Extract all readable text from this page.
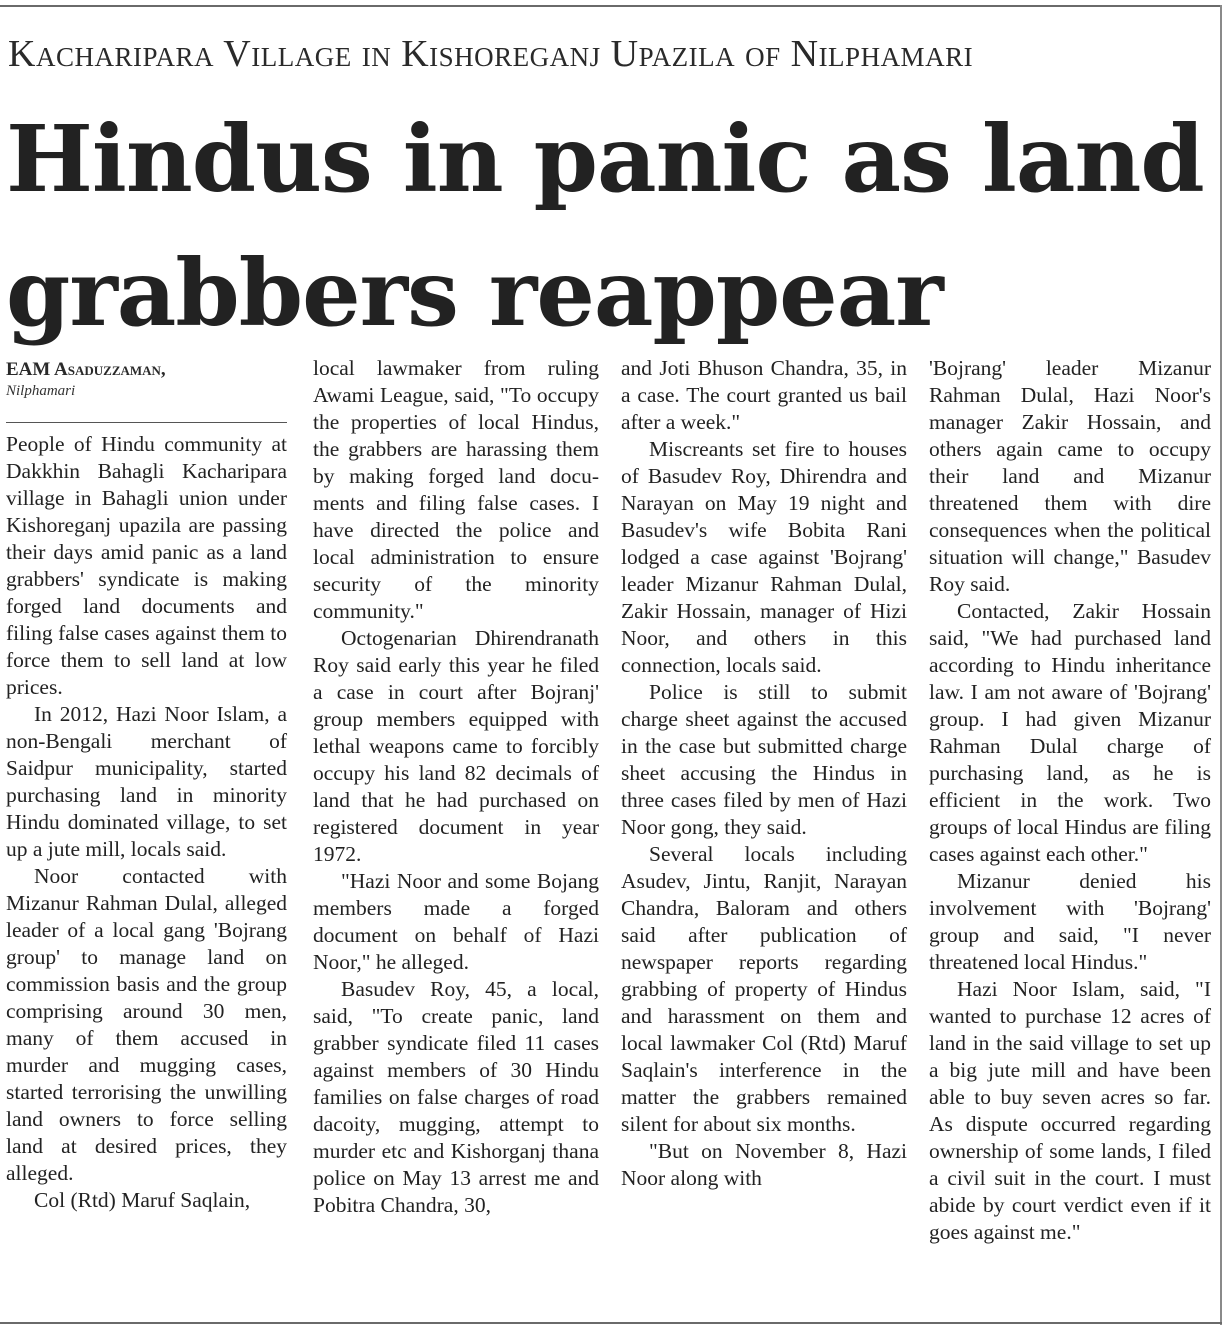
Kacharipara Village in Kishoreganj Upazila of Nilphamari
Hindus in panic as land grabbers reappear
EAM Asaduzzaman,
Nilphamari

People of Hindu community at Dakkhin Bahagli Kacharipara village in Bahagli union under Kishoreganj upazila are passing their days amid panic as a land grabbers' syndicate is making forged land documents and filing false cases against them to force them to sell land at low prices.

In 2012, Hazi Noor Islam, a non-Bengali merchant of Saidpur municipality, started purchasing land in minority Hindu dominated village, to set up a jute mill, locals said.

Noor contacted with Mizanur Rahman Dulal, alleged leader of a local gang 'Bojrang group' to manage land on commission basis and the group comprising around 30 men, many of them accused in murder and mugging cases, started terrorising the unwilling land owners to force selling land at desired prices, they alleged.

Col (Rtd) Maruf Saqlain,

local lawmaker from ruling Awami League, said, "To occupy the properties of local Hindus, the grabbers are harassing them by making forged land documents and filing false cases. I have directed the police and local administration to ensure security of the minority community."

Octogenarian Dhirendranath Roy said early this year he filed a case in court after Bojranj' group members equipped with lethal weapons came to forcibly occupy his land 82 decimals of land that he had purchased on registered document in year 1972.

"Hazi Noor and some Bojang members made a forged document on behalf of Hazi Noor," he alleged.

Basudev Roy, 45, a local, said, "To create panic, land grabber syndicate filed 11 cases against members of 30 Hindu families on false charges of road dacoity, mugging, attempt to murder etc and Kishorganj thana police on May 13 arrest me and Pobitra Chandra, 30,

and Joti Bhuson Chandra, 35, in a case. The court granted us bail after a week."

Miscreants set fire to houses of Basudev Roy, Dhirendra and Narayan on May 19 night and Basudev's wife Bobita Rani lodged a case against 'Bojrang' leader Mizanur Rahman Dulal, Zakir Hossain, manager of Hizi Noor, and others in this connection, locals said.

Police is still to submit charge sheet against the accused in the case but submitted charge sheet accusing the Hindus in three cases filed by men of Hazi Noor gong, they said.

Several locals including Asudev, Jintu, Ranjit, Narayan Chandra, Baloram and others said after publication of newspaper reports regarding grabbing of property of Hindus and harassment on them and local lawmaker Col (Rtd) Maruf Saqlain's interference in the matter the grabbers remained silent for about six months.

"But on November 8, Hazi Noor along with

'Bojrang' leader Mizanur Rahman Dulal, Hazi Noor's manager Zakir Hossain, and others again came to occupy their land and Mizanur threatened them with dire consequences when the political situation will change," Basudev Roy said.

Contacted, Zakir Hossain said, "We had purchased land according to Hindu inheritance law. I am not aware of 'Bojrang' group. I had given Mizanur Rahman Dulal charge of purchasing land, as he is efficient in the work. Two groups of local Hindus are filing cases against each other."

Mizanur denied his involvement with 'Bojrang' group and said, "I never threatened local Hindus."

Hazi Noor Islam, said, "I wanted to purchase 12 acres of land in the said village to set up a big jute mill and have been able to buy seven acres so far. As dispute occurred regarding ownership of some lands, I filed a civil suit in the court. I must abide by court verdict even if it goes against me."
